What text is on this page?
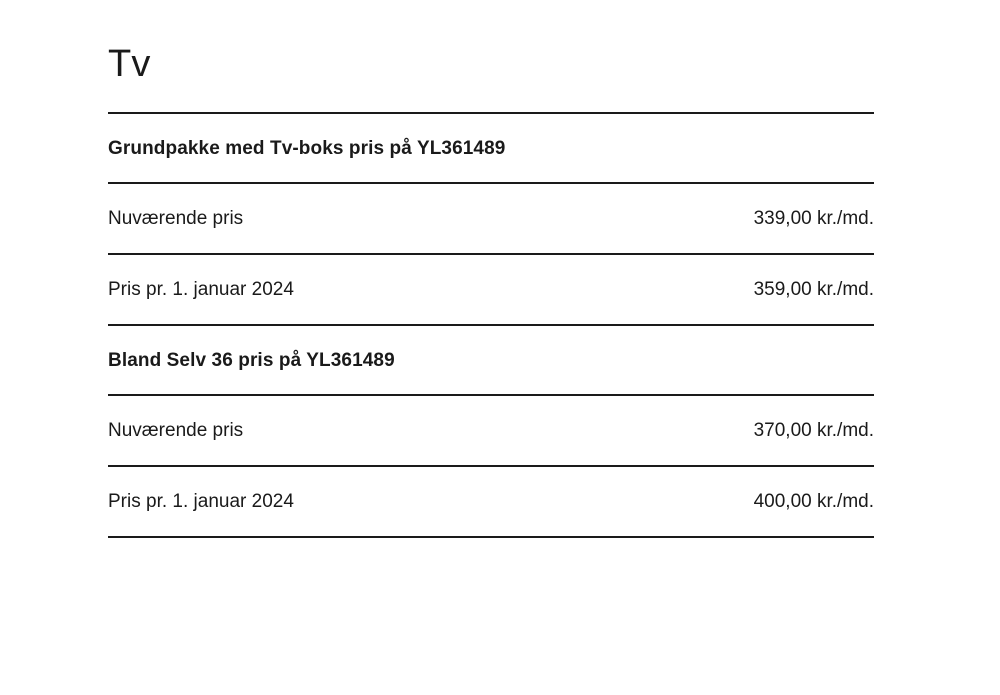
Tv
Grundpakke med Tv-boks pris på YL361489
Nuværende pris	339,00 kr./md.
Pris pr. 1. januar 2024	359,00 kr./md.
Bland Selv 36 pris på YL361489
Nuværende pris	370,00 kr./md.
Pris pr. 1. januar 2024	400,00 kr./md.
